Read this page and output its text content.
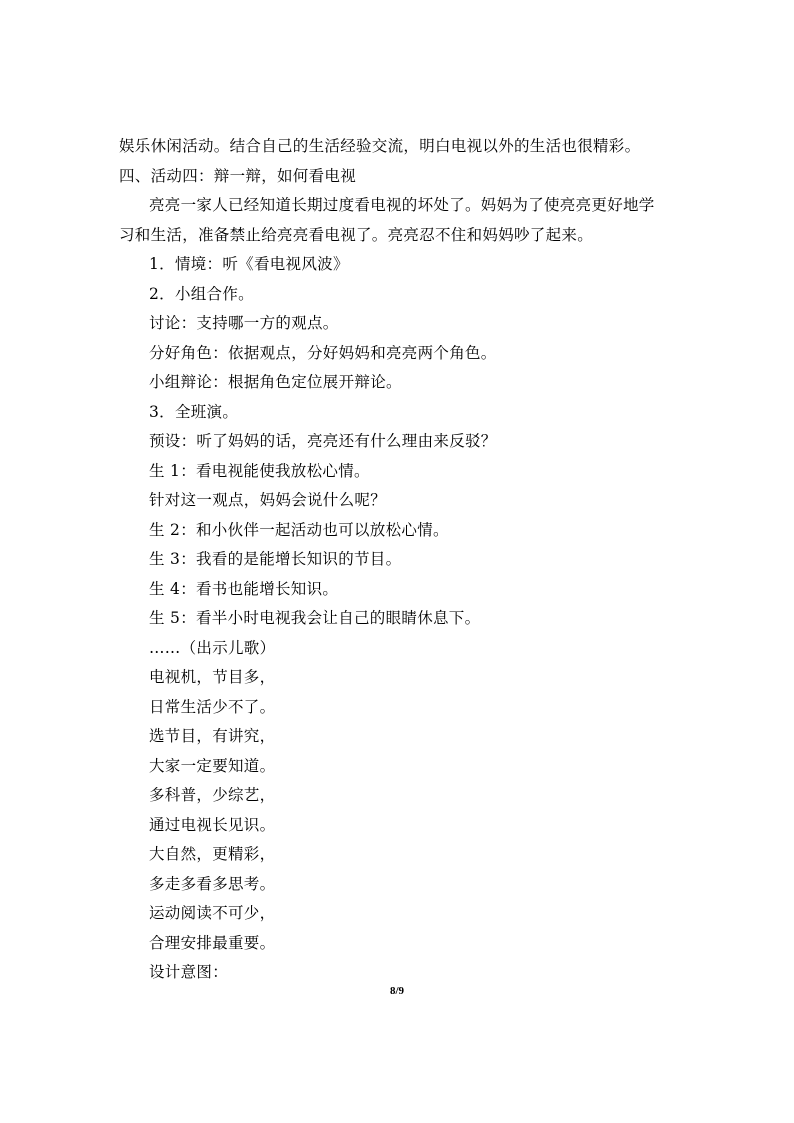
娱乐休闲活动。结合自己的生活经验交流，明白电视以外的生活也很精彩。
四、活动四：辩一辩，如何看电视
亮亮一家人已经知道长期过度看电视的坏处了。妈妈为了使亮亮更好地学
习和生活，准备禁止给亮亮看电视了。亮亮忍不住和妈妈吵了起来。
1．情境：听《看电视风波》
2．小组合作。
讨论：支持哪一方的观点。
分好角色：依据观点，分好妈妈和亮亮两个角色。
小组辩论：根据角色定位展开辩论。
3．全班演。
预设：听了妈妈的话，亮亮还有什么理由来反驳？
生 1：看电视能使我放松心情。
针对这一观点，妈妈会说什么呢？
生 2：和小伙伴一起活动也可以放松心情。
生 3：我看的是能增长知识的节目。
生 4：看书也能增长知识。
生 5：看半小时电视我会让自己的眼睛休息下。
……（出示儿歌）
电视机，节目多，
日常生活少不了。
选节目，有讲究，
大家一定要知道。
多科普，少综艺，
通过电视长见识。
大自然，更精彩，
多走多看多思考。
运动阅读不可少，
合理安排最重要。
设计意图：
8/9
